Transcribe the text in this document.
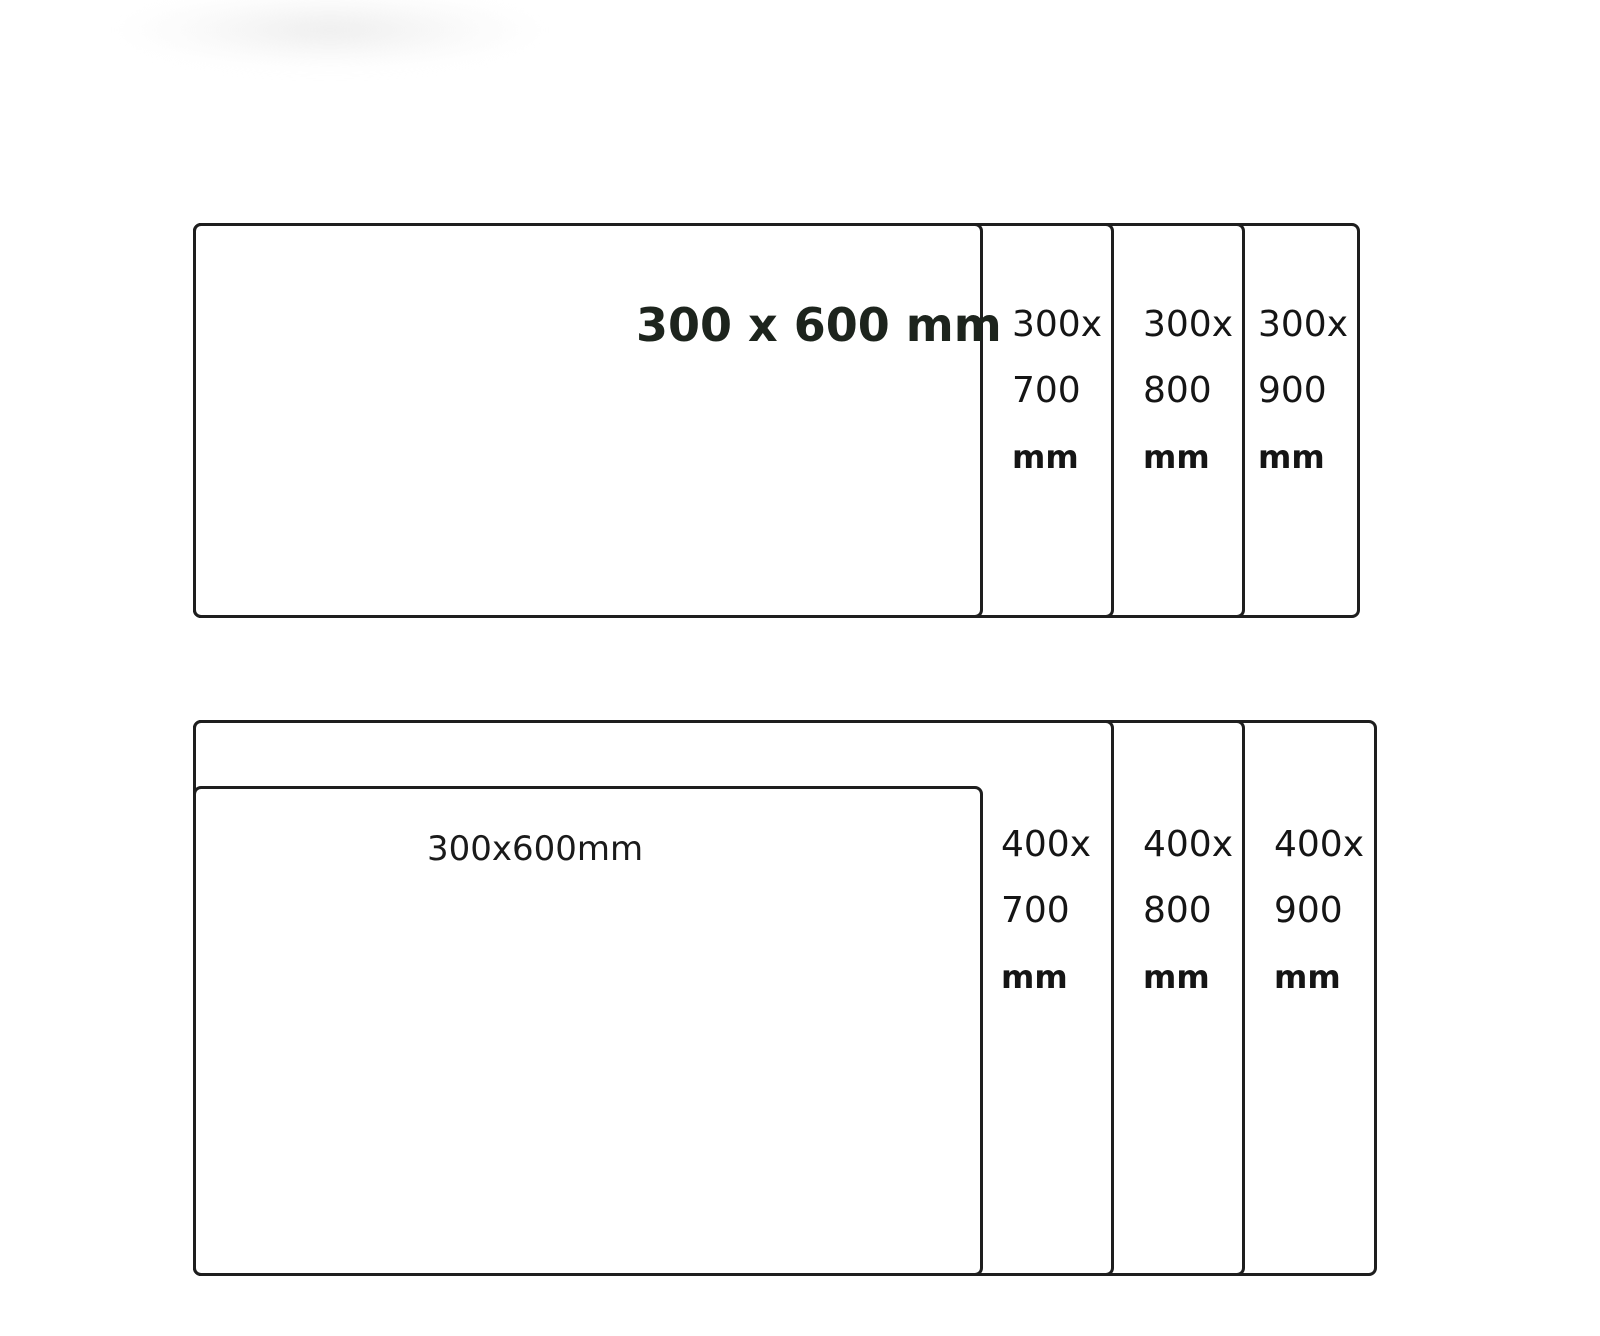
300 x 600 mm 300x
700
mm
300x
800
mm
300x
900
mm
300x600mm	400x
700
mm
400x
800
mm
400x
900
mm
